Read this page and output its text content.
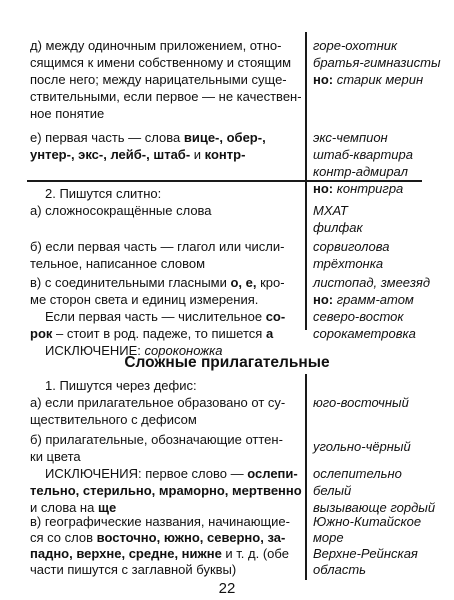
д) между одиночным приложением, отно-

сящимся к имени собственному и стоящим

после него; между нарицательными суще-

ствительными, если первое — не качествен-

ное понятие

горе-охотник

братья-гимназисты

но: старик мерин

е) первая часть — слова вице-, обер-,

унтер-, экс-, лейб-, штаб- и контр-

экс-чемпион

штаб-квартира

контр-адмирал

но: контригра

2. Пишутся слитно:

а) сложносокращённые слова	МХАТ

филфак

б) если первая часть — глагол или числи-

тельное, написанное словом

сорвиголова

трёхтонка

в) с соединительными гласными о, е, кро-

ме сторон света и единиц измерения.

Если первая часть — числительное со-

рок – стоит в род. падеже, то пишется а

ИСКЛЮЧЕНИЕ: сороконожка

листопад, змеезяд

но: грамм-атом

северо-восток

сорокаметровка

Сложные прилагательные

1. Пишутся через дефис:

а) если прилагательное образовано от су-

ществительного с дефисом

юго-восточный

б) прилагательные, обозначающие оттен-

ки цвета

угольно-чёрный

ИСКЛЮЧЕНИЯ: первое слово — ослепи-

тельно, стерильно, мраморно, мертвенно

и слова на ще

ослепительно

белый

вызывающе гордый

в) географические названия, начинающие-

ся со слов восточно, южно, северно, за-

падно, верхне, средне, нижне и т. д. (обе

Южно-Китайское

море

Верхне-Рейнская

22

части пишутся с заглавной буквы)	область
